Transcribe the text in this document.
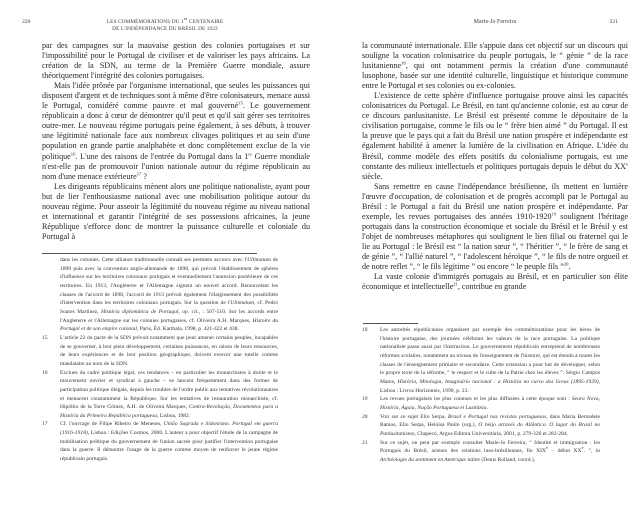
220	LES COMMÉMORATIONS DU 1er CENTENAIRE
DE L'INDÉPENDANCE DU BRÉSIL DE 1922

par des campagnes sur la mauvaise gestion des colonies portugaises et sur l'impossibilité pour le Portugal de civiliser et de valoriser les pays africains. La création de la SDN, au terme de la Première Guerre mondiale, assure théoriquement l'intégrité des colonies portugaises.

Mais l'idée prônée par l'organisme international, que seules les puissances qui disposent d'argent et de techniques sont à même d'être colonisateurs, menace aussi le Portugal, considéré comme pauvre et mal gouverné$^{15}$. Le gouvernement républicain a donc à cœur de démontrer qu'il peut et qu'il sait gérer ses territoires outre-mer. Le nouveau régime portugais peine également, à ses débuts, à trouver une légitimité nationale face aux nombreux clivages politiques et au sein d'une population en grande partie analphabète et donc complètement exclue de la vie politique$^{16}$. L'une des raisons de l'entrée du Portugal dans la 1re Guerre mondiale n'est-elle pas de promouvoir l'union nationale autour du régime républicain au nom d'une menace extérieure$^{17}$ ?

Les dirigeants républicains mènent alors une politique nationaliste, ayant pour but de lier l'enthousiasme national avec une mobilisation politique autour du nouveau régime. Pour asseoir la légitimité du nouveau régime au niveau national et international et garantir l'intégrité de ses possessions africaines, la jeune République s'efforce donc de montrer la puissance culturelle et coloniale du Portugal à

dans les colonies. Cette alliance traditionnelle connaît ses premiers accrocs avec l'Ultimatum de 1890 puis avec la convention anglo-allemande de 1898, qui prévoit l'établissement de sphères d'influence sur les territoires coloniaux portugais et éventuellement l'annexion postérieure de ces territoires. En 1913, l'Angleterre et l'Allemagne signent un nouvel accord. Renouvelant les clauses de l'accord de 1898, l'accord de 1913 prévoit également l'élargissement des possibilités d'intervention dans les territoires coloniaux portugais. Sur la question de l'Ultimatum, cf. Pedro Soares Martinez, História diplomática de Portugal, op. cit., : 507-510. Sur les accords entre l'Angleterre et l'Allemagne sur les colonies portugaises, cf. Oliveira A.H. Marques, Histoire du Portugal et de son empire colonial, Paris, Éd. Karthala, 1998, p. 421-422 et 438.

15 L'article 22 du pacte de la SDN prévoit notamment que pour amener certains peuples, incapables de se gouverner, à leur plein développement, certaines puissances, en raison de leurs ressources, de leurs expériences et de leur position géographique, doivent exercer une tutelle comme mandataire au nom de la SDN.

16 Exclues du cadre politique légal, ces tendances – en particulier les monarchistes à droite et le mouvement ouvrier et syndical à gauche – se lancent fréquemment dans des formes de participation politique illégale, depuis les troubles de l'ordre public aux tentatives révolutionnaires et menacent constamment la République. Sur les tentatives de restauration monarchiste, cf. Hipólito de la Torre Gómez, A.H. de Oliveira Marques, Contra-Revolução, Documentos para a História da Primeira República portuguesa, Lisboa, 1982.

17 Cf. l'ouvrage de Filipe Ribeiro de Meneses, União Sagrada e Sidonismo. Portugal em guerra (1916-1918), Lisboa : Edições Cosmos, 2000. L'auteur a pour objectif l'étude de la campagne de mobilisation politique du gouvernement de l'union sacrée pour justifier l'intervention portugaise dans la guerre. Il démontre l'usage de la guerre comme moyen de renforcer le jeune régime républicain portugais.

Marie-Jo Ferreira	221

la communauté internationale. Elle s'appuie dans cet objectif sur un discours qui souligne la vocation colonisatrice du peuple portugais, le “ génie ” de la race lusitanienne$^{18}$, qui ont notamment permis la création d'une communauté lusophone, basée sur une identité culturelle, linguistique et historique commune entre le Portugal et ses colonies ou ex-colonies.

L'existence de cette sphère d'influence portugaise prouve ainsi les capacités colonisatrices du Portugal. Le Brésil, en tant qu'ancienne colonie, est au cœur de ce discours panlusitaniste. Le Brésil est présenté comme le dépositaire de la civilisation portugaise, comme le fils ou le “ frère bien aimé ” du Portugal. Il est la preuve que le pays qui a fait du Brésil une nation prospère et indépendante est également habilité à amener la lumière de la civilisation en Afrique. L'idée du Brésil, comme modèle des effets positifs du colonialisme portugais, est une constante des milieux intellectuels et politiques portugais depuis le début du XXe siècle.

Sans remettre en cause l'indépendance brésilienne, ils mettent en lumière l'œuvre d'occupation, de colonisation et de progrès accompli par le Portugal au Brésil : le Portugal a fait du Brésil une nation prospère et indépendante. Par exemple, les revues portugaises des années 1910-1920$^{19}$ soulignent l'héritage portugais dans la construction économique et sociale du Brésil et le Brésil y est l'objet de nombreuses métaphores qui soulignent le lien filial ou fraternel qui le lie au Portugal : le Brésil est “ la nation sœur ”, “ l'héritier ”, “ le frère de sang et de génie ”, “ l'allié naturel ”, “ l'adolescent héroïque ”, “ le fils de notre orgueil et de notre reflet ”, “ le fils légitime ” ou encore “ le peuple fils ”$^{20}$.

La vaste colonie d'immigrés portugais au Brésil, et en particulier son élite économique et intellectuelle$^{21}$, contribue en grande

18 Les autorités républicaines organisent par exemple des commémorations pour les héros de l'histoire portugaise, des journées célébrant les valeurs de la race portugaise. La politique nationaliste passe aussi par l'instruction. Le gouvernement républicain entreprend de nombreuses réformes scolaires, notamment au niveau de l'enseignement de l'histoire, qui est étendu à toutes les classes de l'enseignement primaire et secondaire. Cette extension a pour but de développer, selon le propre texte de la réforme, “ le respect et le culte de la Patrie chez les élèves ”. Sérgio Campos Matos, História, Mitologia, Imaginário nacional : a História no curso dos liceus (1895-1939), Lisboa : Livros Horizontes, 1990, p. 23.

19 Les revues portugaises les plus connues et les plus diffusées à cette époque sont : Seara Nova, História, Águia, Nação Portuguesa et Lusitânia.

20 Voir sur ce sujet Elio Serpa, Brasil e Portugal nas revistas portuguesas, dans Maria Bernadete Ramos, Elio Serpa, Heloísa Paulo (org.), O beijo através do Atlântico. O lugar do Brasil no Panlusitanismo, Chapecó, Argos Editora Universitária, 2001, p. 279-326 et 282-284.

21 Sur ce sujet, on peut par exemple consulter Marie-Jo Ferreira, “ Identité et immigration : les Portugais du Brésil, acteurs des relations luso-brésiliennes, fin XIXe – début XXe. ”, in Archéologie du sentiment en Amérique latine (Denis Rolland, coord.),
